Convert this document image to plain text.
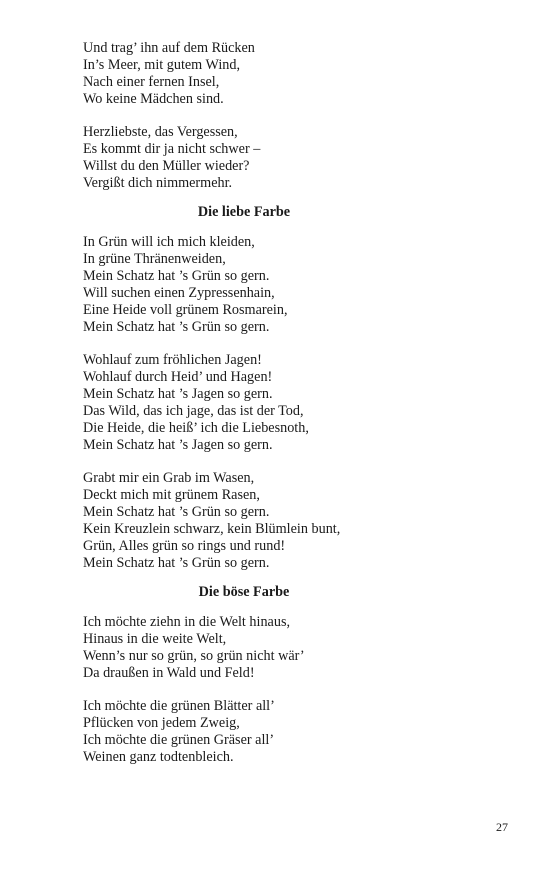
Und trag’ ihn auf dem Rücken
In’s Meer, mit gutem Wind,
Nach einer fernen Insel,
Wo keine Mädchen sind.
Herzliebste, das Vergessen,
Es kommt dir ja nicht schwer –
Willst du den Müller wieder?
Vergißt dich nimmermehr.
Die liebe Farbe
In Grün will ich mich kleiden,
In grüne Thränenweiden,
Mein Schatz hat ’s Grün so gern.
Will suchen einen Zypressenhain,
Eine Heide voll grünem Rosmarein,
Mein Schatz hat ’s Grün so gern.
Wohlauf zum fröhlichen Jagen!
Wohlauf durch Heid’ und Hagen!
Mein Schatz hat ’s Jagen so gern.
Das Wild, das ich jage, das ist der Tod,
Die Heide, die heiß’ ich die Liebesnoth,
Mein Schatz hat ’s Jagen so gern.
Grabt mir ein Grab im Wasen,
Deckt mich mit grünem Rasen,
Mein Schatz hat ’s Grün so gern.
Kein Kreuzlein schwarz, kein Blümlein bunt,
Grün, Alles grün so rings und rund!
Mein Schatz hat ’s Grün so gern.
Die böse Farbe
Ich möchte ziehn in die Welt hinaus,
Hinaus in die weite Welt,
Wenn’s nur so grün, so grün nicht wär’
Da draußen in Wald und Feld!
Ich möchte die grünen Blätter all’
Pflücken von jedem Zweig,
Ich möchte die grünen Gräser all’
Weinen ganz todtenbleich.
27
